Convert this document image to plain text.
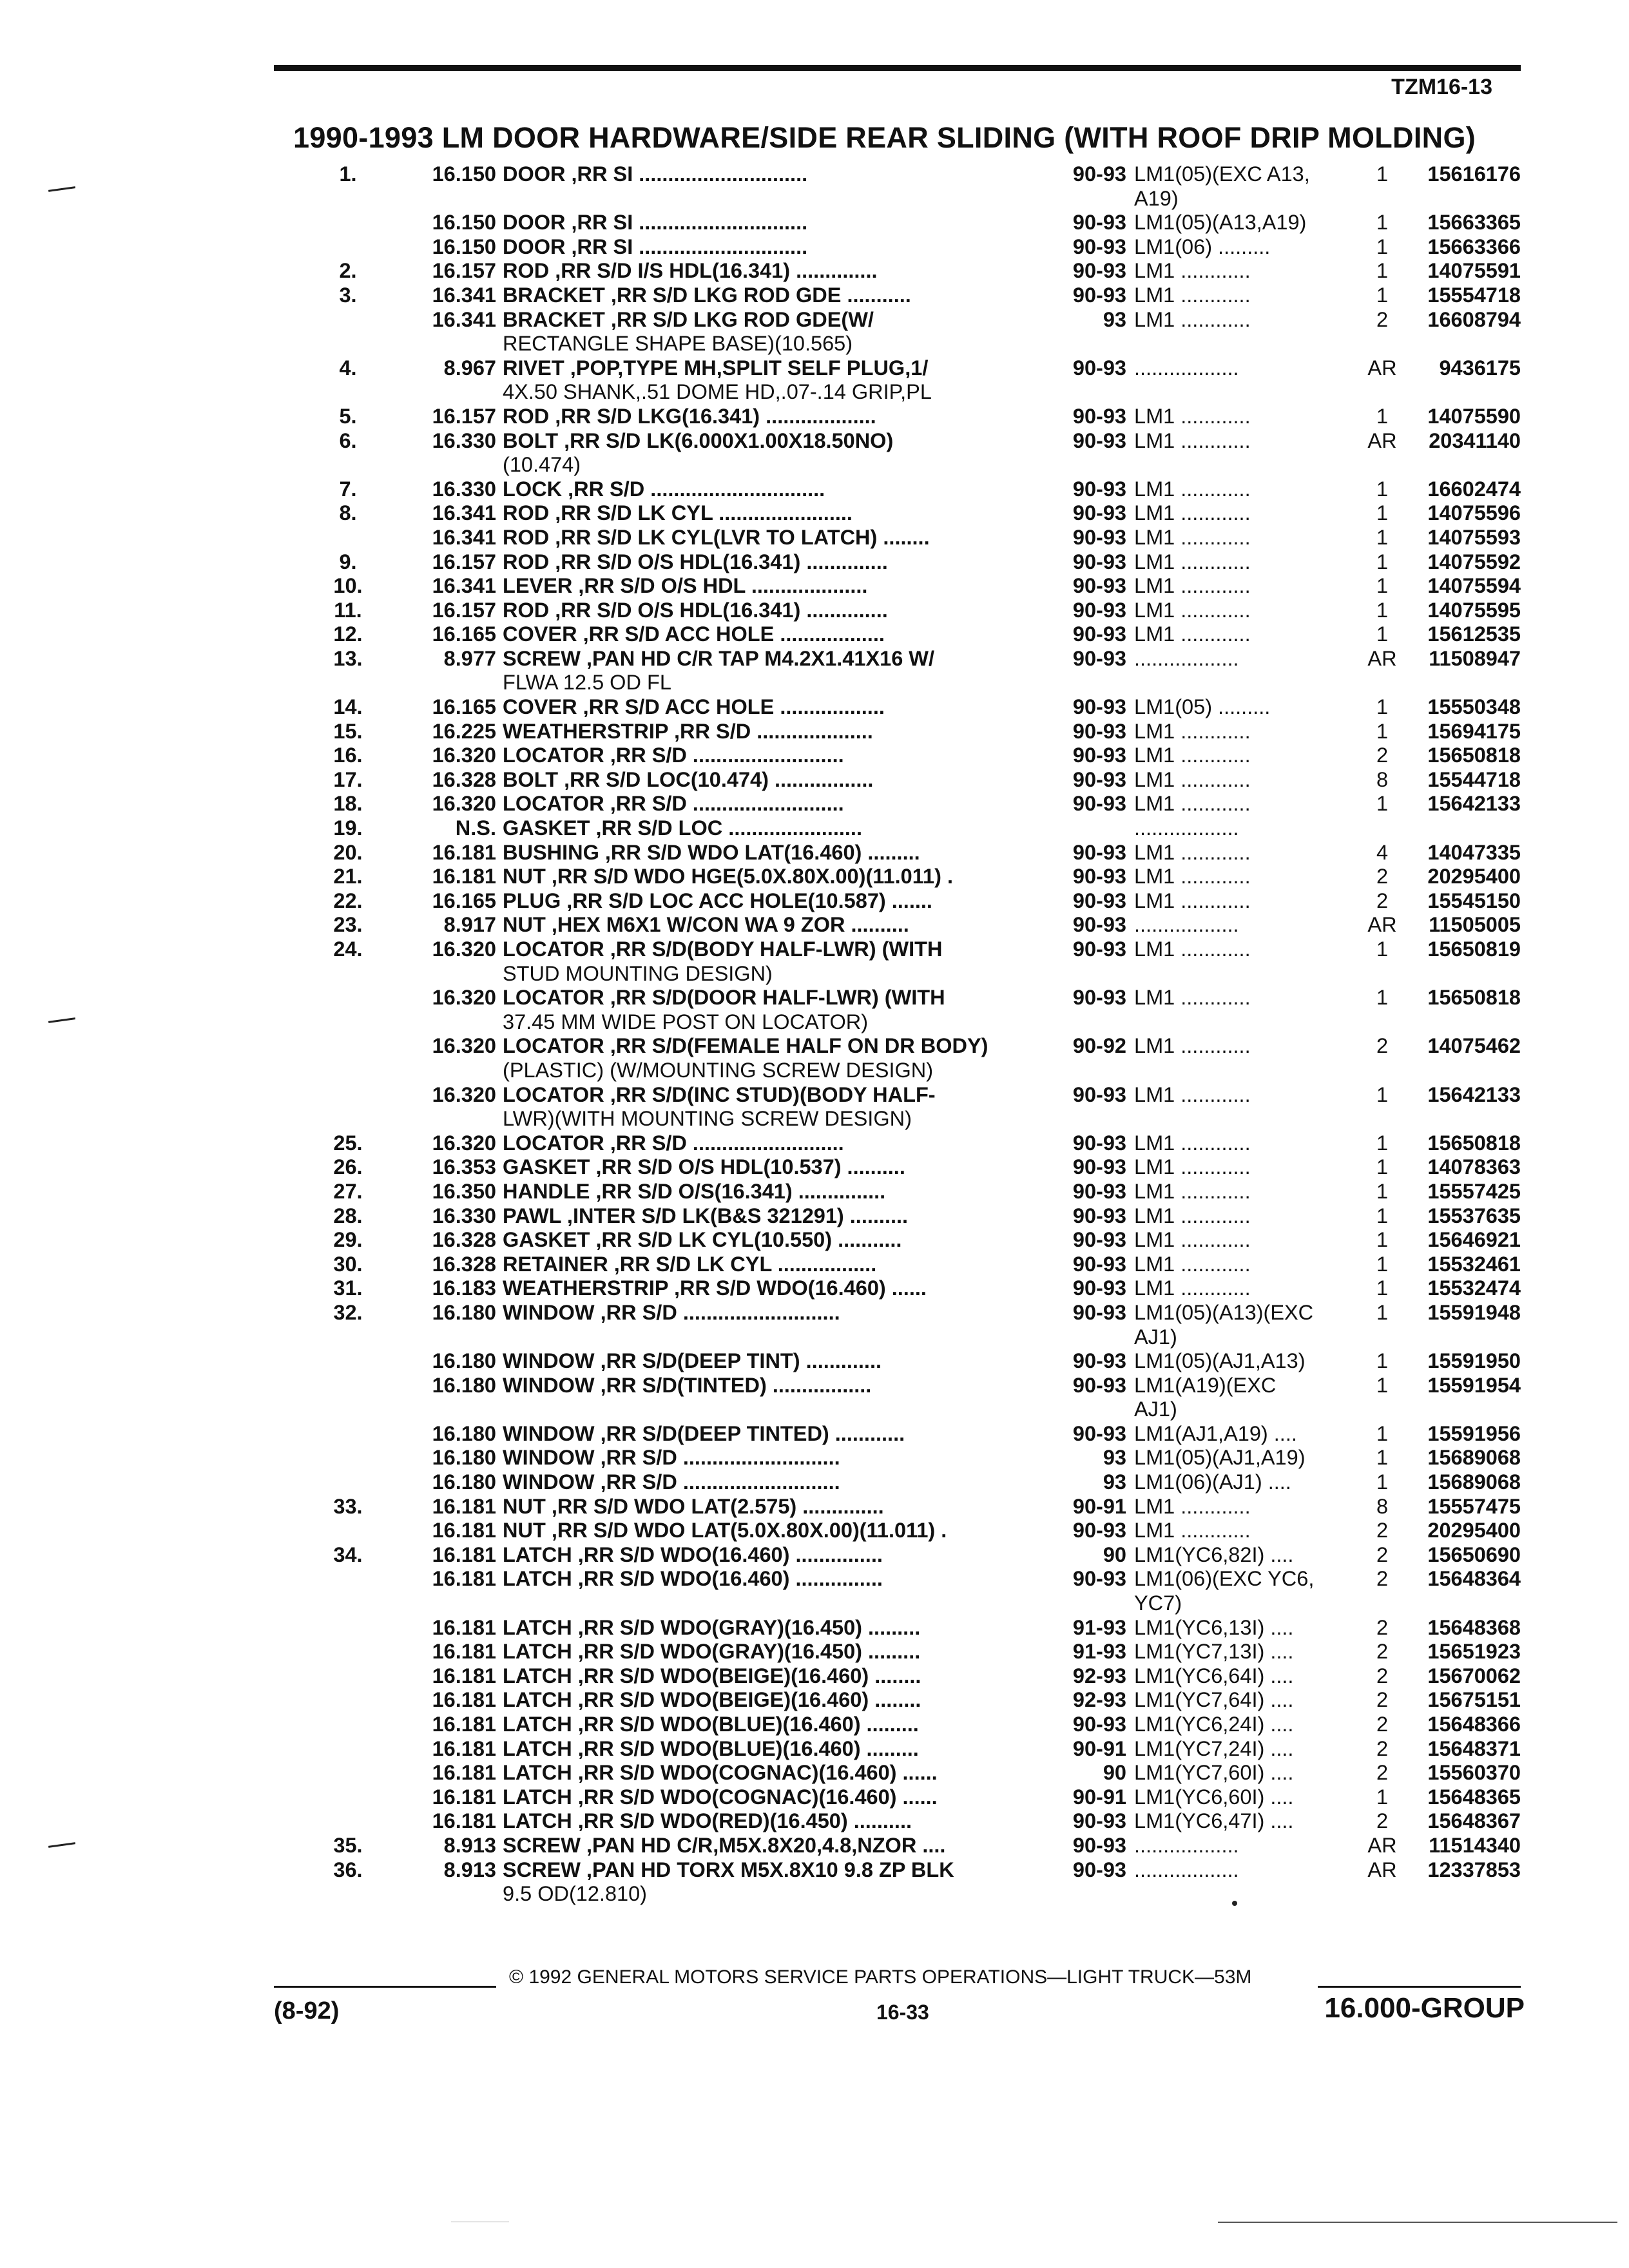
TZM16-13
1990-1993 LM DOOR HARDWARE/SIDE REAR SLIDING (WITH ROOF DRIP MOLDING)
1.	16.150 DOOR ,RR SI .............................	90-93 LM1(05)(EXC A13,	1	15616176
A19)
16.150 DOOR ,RR SI .............................	90-93 LM1(05)(A13,A19)	1	15663365
16.150 DOOR ,RR SI .............................	90-93 LM1(06) .........	1	15663366
2.	16.157 ROD ,RR S/D I/S HDL(16.341) ..............	90-93 LM1 ............	1	14075591
3.	16.341 BRACKET ,RR S/D LKG ROD GDE ...........	90-93 LM1 ............	1	15554718
16.341 BRACKET ,RR S/D LKG ROD GDE(W/	93 LM1 ............	2	16608794
RECTANGLE SHAPE BASE)(10.565)
4.	8.967 RIVET ,POP,TYPE MH,SPLIT SELF PLUG,1/	90-93 ..................	AR	9436175
4X.50 SHANK,.51 DOME HD,.07-.14 GRIP,PL
5.	16.157 ROD ,RR S/D LKG(16.341) ...................	90-93 LM1 ............	1	14075590
6.	16.330 BOLT ,RR S/D LK(6.000X1.00X18.50NO)	90-93 LM1 ............	AR	20341140
(10.474)
7.	16.330 LOCK ,RR S/D ..............................	90-93 LM1 ............	1	16602474
8.	16.341 ROD ,RR S/D LK CYL .......................	90-93 LM1 ............	1	14075596
16.341 ROD ,RR S/D LK CYL(LVR TO LATCH) ........	90-93 LM1 ............	1	14075593
9.	16.157 ROD ,RR S/D O/S HDL(16.341) ..............	90-93 LM1 ............	1	14075592
10.	16.341 LEVER ,RR S/D O/S HDL ....................	90-93 LM1 ............	1	14075594
11.	16.157 ROD ,RR S/D O/S HDL(16.341) ..............	90-93 LM1 ............	1	14075595
12.	16.165 COVER ,RR S/D ACC HOLE ..................	90-93 LM1 ............	1	15612535
13.	8.977 SCREW ,PAN HD C/R TAP M4.2X1.41X16 W/	90-93 ..................	AR	11508947
FLWA 12.5 OD FL
14.	16.165 COVER ,RR S/D ACC HOLE ..................	90-93 LM1(05) .........	1	15550348
15.	16.225 WEATHERSTRIP ,RR S/D ....................	90-93 LM1 ............	1	15694175
16.	16.320 LOCATOR ,RR S/D ..........................	90-93 LM1 ............	2	15650818
17.	16.328 BOLT ,RR S/D LOC(10.474) .................	90-93 LM1 ............	8	15544718
18.	16.320 LOCATOR ,RR S/D ..........................	90-93 LM1 ............	1	15642133
19.	N.S. GASKET ,RR S/D LOC .......................	..................
20.	16.181 BUSHING ,RR S/D WDO LAT(16.460) .........	90-93 LM1 ............	4	14047335
21.	16.181 NUT ,RR S/D WDO HGE(5.0X.80X.00)(11.011) .	90-93 LM1 ............	2	20295400
22.	16.165 PLUG ,RR S/D LOC ACC HOLE(10.587) .......	90-93 LM1 ............	2	15545150
23.	8.917 NUT ,HEX M6X1 W/CON WA 9 ZOR ..........	90-93 ..................	AR	11505005
24.	16.320 LOCATOR ,RR S/D(BODY HALF-LWR) (WITH	90-93 LM1 ............	1	15650819
STUD MOUNTING DESIGN)
16.320 LOCATOR ,RR S/D(DOOR HALF-LWR) (WITH	90-93 LM1 ............	1	15650818
37.45 MM WIDE POST ON LOCATOR)
16.320 LOCATOR ,RR S/D(FEMALE HALF ON DR BODY)	90-92 LM1 ............	2	14075462
(PLASTIC) (W/MOUNTING SCREW DESIGN)
16.320 LOCATOR ,RR S/D(INC STUD)(BODY HALF-	90-93 LM1 ............	1	15642133
LWR)(WITH MOUNTING SCREW DESIGN)
25.	16.320 LOCATOR ,RR S/D ..........................	90-93 LM1 ............	1	15650818
26.	16.353 GASKET ,RR S/D O/S HDL(10.537) ..........	90-93 LM1 ............	1	14078363
27.	16.350 HANDLE ,RR S/D O/S(16.341) ...............	90-93 LM1 ............	1	15557425
28.	16.330 PAWL ,INTER S/D LK(B&S 321291) ..........	90-93 LM1 ............	1	15537635
29.	16.328 GASKET ,RR S/D LK CYL(10.550) ...........	90-93 LM1 ............	1	15646921
30.	16.328 RETAINER ,RR S/D LK CYL .................	90-93 LM1 ............	1	15532461
31.	16.183 WEATHERSTRIP ,RR S/D WDO(16.460) ......	90-93 LM1 ............	1	15532474
32.	16.180 WINDOW ,RR S/D ...........................	90-93 LM1(05)(A13)(EXC	1	15591948
AJ1)
16.180 WINDOW ,RR S/D(DEEP TINT) .............	90-93 LM1(05)(AJ1,A13)	1	15591950
16.180 WINDOW ,RR S/D(TINTED) .................	90-93 LM1(A19)(EXC	1	15591954
AJ1)
16.180 WINDOW ,RR S/D(DEEP TINTED) ............	90-93 LM1(AJ1,A19) ....	1	15591956
16.180 WINDOW ,RR S/D ...........................	93 LM1(05)(AJ1,A19)	1	15689068
16.180 WINDOW ,RR S/D ...........................	93 LM1(06)(AJ1) ....	1	15689068
33.	16.181 NUT ,RR S/D WDO LAT(2.575) ..............	90-91 LM1 ............	8	15557475
16.181 NUT ,RR S/D WDO LAT(5.0X.80X.00)(11.011) .	90-93 LM1 ............	2	20295400
34.	16.181 LATCH ,RR S/D WDO(16.460) ...............	90 LM1(YC6,82I) ....	2	15650690
16.181 LATCH ,RR S/D WDO(16.460) ...............	90-93 LM1(06)(EXC YC6,	2	15648364
YC7)
16.181 LATCH ,RR S/D WDO(GRAY)(16.450) .........	91-93 LM1(YC6,13I) ....	2	15648368
16.181 LATCH ,RR S/D WDO(GRAY)(16.450) .........	91-93 LM1(YC7,13I) ....	2	15651923
16.181 LATCH ,RR S/D WDO(BEIGE)(16.460) ........	92-93 LM1(YC6,64I) ....	2	15670062
16.181 LATCH ,RR S/D WDO(BEIGE)(16.460) ........	92-93 LM1(YC7,64I) ....	2	15675151
16.181 LATCH ,RR S/D WDO(BLUE)(16.460) .........	90-93 LM1(YC6,24I) ....	2	15648366
16.181 LATCH ,RR S/D WDO(BLUE)(16.460) .........	90-91 LM1(YC7,24I) ....	2	15648371
16.181 LATCH ,RR S/D WDO(COGNAC)(16.460) ......	90 LM1(YC7,60I) ....	2	15560370
16.181 LATCH ,RR S/D WDO(COGNAC)(16.460) ......	90-91 LM1(YC6,60I) ....	1	15648365
16.181 LATCH ,RR S/D WDO(RED)(16.450) ..........	90-93 LM1(YC6,47I) ....	2	15648367
35.	8.913 SCREW ,PAN HD C/R,M5X.8X20,4.8,NZOR ....	90-93 ..................	AR	11514340
36.	8.913 SCREW ,PAN HD TORX M5X.8X10 9.8 ZP BLK	90-93 ..................	AR	12337853
9.5 OD(12.810)
© 1992 GENERAL MOTORS SERVICE PARTS OPERATIONS—LIGHT TRUCK—53M
(8-92)	16-33	16.000-GROUP
